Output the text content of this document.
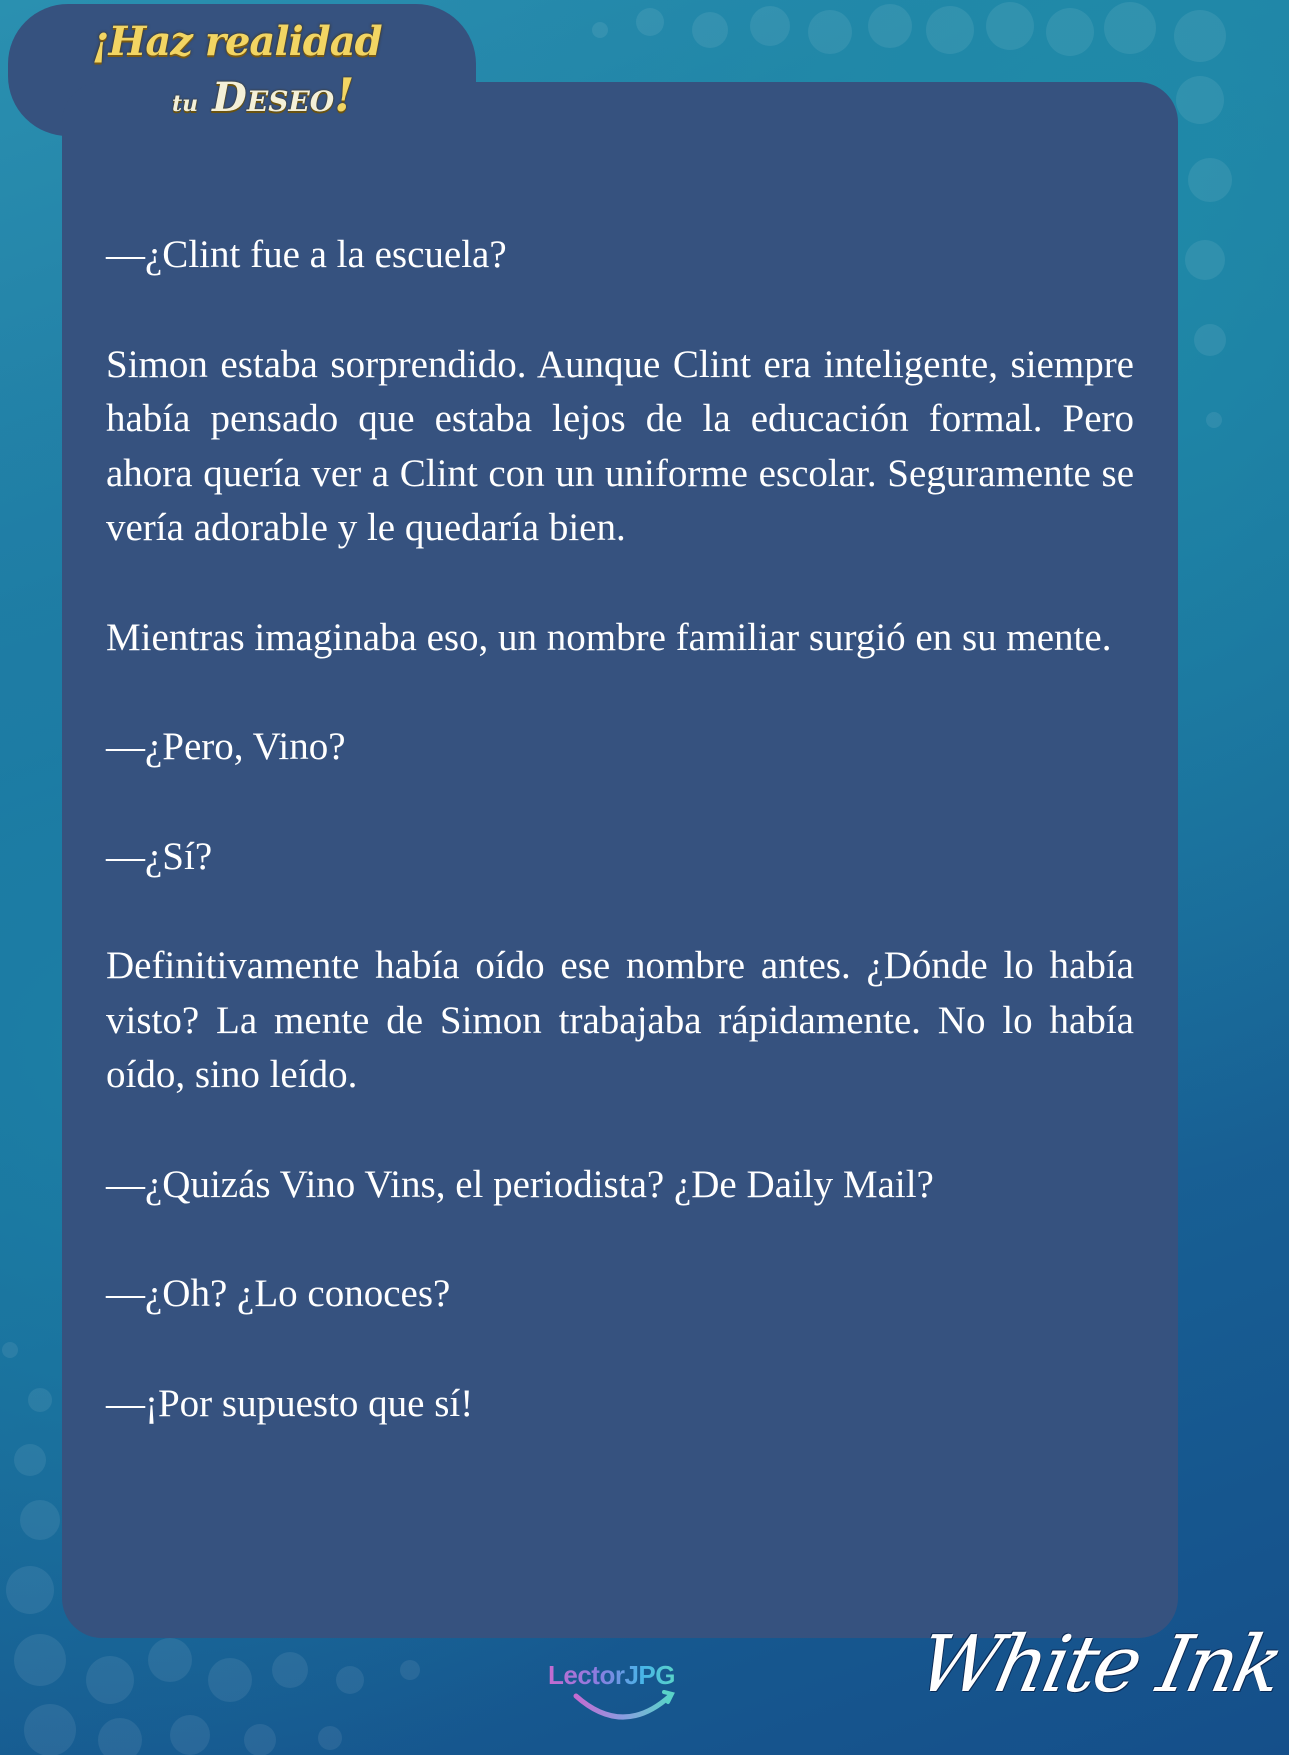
¡Haz realidad
tu Deseo!

—¿Clint fue a la escuela?

Simon estaba sorprendido. Aunque Clint era inteligente, siempre había pensado que estaba lejos de la educación formal. Pero ahora quería ver a Clint con un uniforme escolar. Seguramente se vería adorable y le quedaría bien.

Mientras imaginaba eso, un nombre familiar surgió en su mente.

—¿Pero, Vino?

—¿Sí?

Definitivamente había oído ese nombre antes. ¿Dónde lo había visto? La mente de Simon trabajaba rápidamente. No lo había oído, sino leído.

—¿Quizás Vino Vins, el periodista? ¿De Daily Mail?

—¿Oh? ¿Lo conoces?

—¡Por supuesto que sí!

LectorJPG	White Ink
